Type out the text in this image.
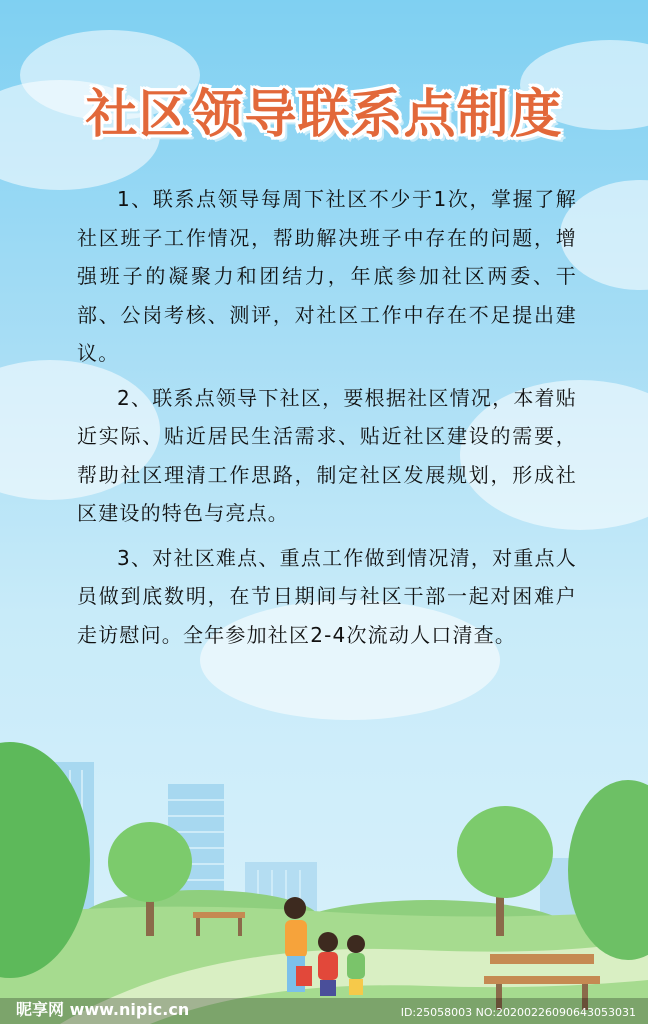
社区领导联系点制度

1、联系点领导每周下社区不少于1次，掌握了解社区班子工作情况，帮助解决班子中存在的问题，增强班子的凝聚力和团结力，年底参加社区两委、干部、公岗考核、测评，对社区工作中存在不足提出建议。

2、联系点领导下社区，要根据社区情况，本着贴近实际、贴近居民生活需求、贴近社区建设的需要，帮助社区理清工作思路，制定社区发展规划，形成社区建设的特色与亮点。

3、对社区难点、重点工作做到情况清，对重点人员做到底数明，在节日期间与社区干部一起对困难户走访慰问。全年参加社区2-4次流动人口清查。

昵享网 www.nipic.cn	ID:25058003 NO:20200226090643053031
